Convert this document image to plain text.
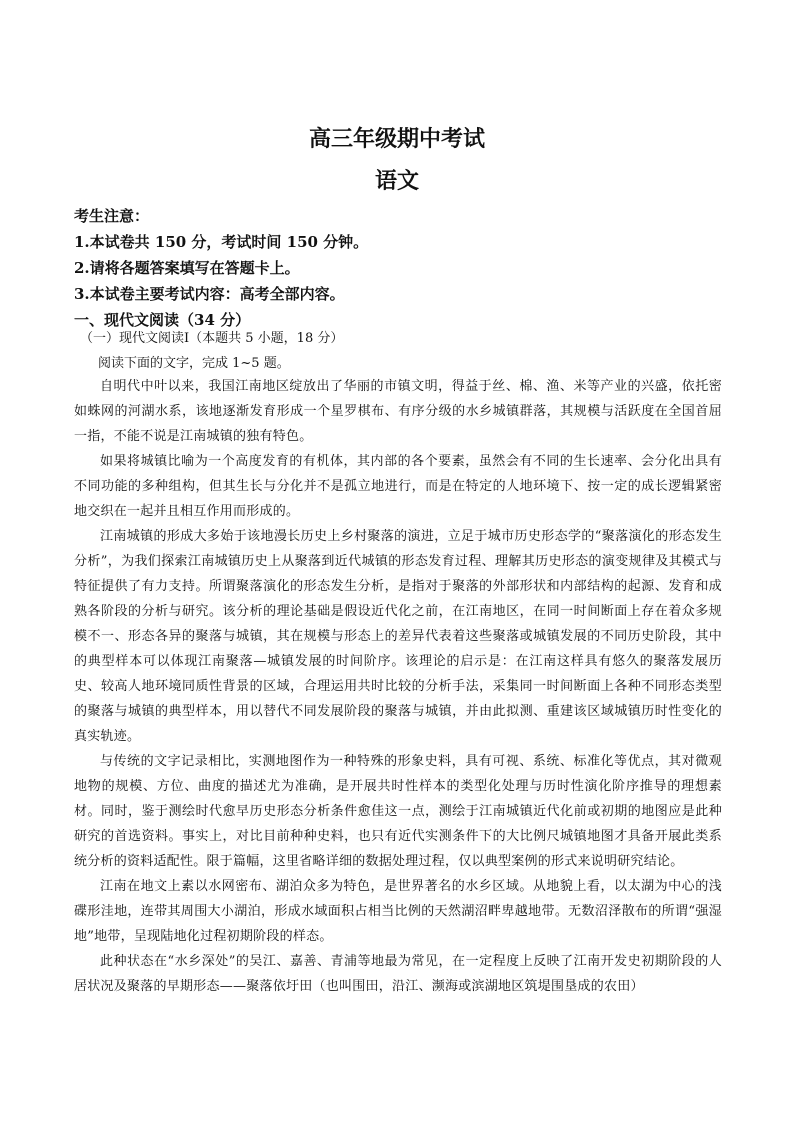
高三年级期中考试
语文

考生注意：

1.本试卷共 150 分，考试时间 150 分钟。

2.请将各题答案填写在答题卡上。

3.本试卷主要考试内容：高考全部内容。

一、现代文阅读（34 分）

（一）现代文阅读Ⅰ（本题共 5 小题，18 分）

阅读下面的文字，完成 1~5 题。

自明代中叶以来，我国江南地区绽放出了华丽的市镇文明，得益于丝、棉、渔、米等产业的兴盛，依托密如蛛网的河湖水系，该地逐渐发育形成一个星罗棋布、有序分级的水乡城镇群落，其规模与活跃度在全国首屈一指，不能不说是江南城镇的独有特色。

如果将城镇比喻为一个高度发育的有机体，其内部的各个要素，虽然会有不同的生长速率、会分化出具有不同功能的多种组构，但其生长与分化并不是孤立地进行，而是在特定的人地环境下、按一定的成长逻辑紧密地交织在一起并且相互作用而形成的。

江南城镇的形成大多始于该地漫长历史上乡村聚落的演进，立足于城市历史形态学的“聚落演化的形态发生分析”，为我们探索江南城镇历史上从聚落到近代城镇的形态发育过程、理解其历史形态的演变规律及其模式与特征提供了有力支持。所谓聚落演化的形态发生分析，是指对于聚落的外部形状和内部结构的起源、发育和成熟各阶段的分析与研究。该分析的理论基础是假设近代化之前，在江南地区，在同一时间断面上存在着众多规模不一、形态各异的聚落与城镇，其在规模与形态上的差异代表着这些聚落或城镇发展的不同历史阶段，其中的典型样本可以体现江南聚落—城镇发展的时间阶序。该理论的启示是：在江南这样具有悠久的聚落发展历史、较高人地环境同质性背景的区域，合理运用共时比较的分析手法，采集同一时间断面上各种不同形态类型的聚落与城镇的典型样本，用以替代不同发展阶段的聚落与城镇，并由此拟测、重建该区域城镇历时性变化的真实轨迹。

与传统的文字记录相比，实测地图作为一种特殊的形象史料，具有可视、系统、标准化等优点，其对微观地物的规模、方位、曲度的描述尤为准确，是开展共时性样本的类型化处理与历时性演化阶序推导的理想素材。同时，鉴于测绘时代愈早历史形态分析条件愈佳这一点，测绘于江南城镇近代化前或初期的地图应是此种研究的首选资料。事实上，对比目前种种史料，也只有近代实测条件下的大比例尺城镇地图才具备开展此类系统分析的资料适配性。限于篇幅，这里省略详细的数据处理过程，仅以典型案例的形式来说明研究结论。

江南在地文上素以水网密布、湖泊众多为特色，是世界著名的水乡区域。从地貌上看，以太湖为中心的浅碟形洼地，连带其周围大小湖泊，形成水域面积占相当比例的天然湖沼畔卑越地带。无数沼泽散布的所谓“强湿地”地带，呈现陆地化过程初期阶段的样态。

此种状态在“水乡深处”的吴江、嘉善、青浦等地最为常见，在一定程度上反映了江南开发史初期阶段的人居状况及聚落的早期形态——聚落依圩田（也叫围田，沿江、濒海或滨湖地区筑堤围垦成的农田）
